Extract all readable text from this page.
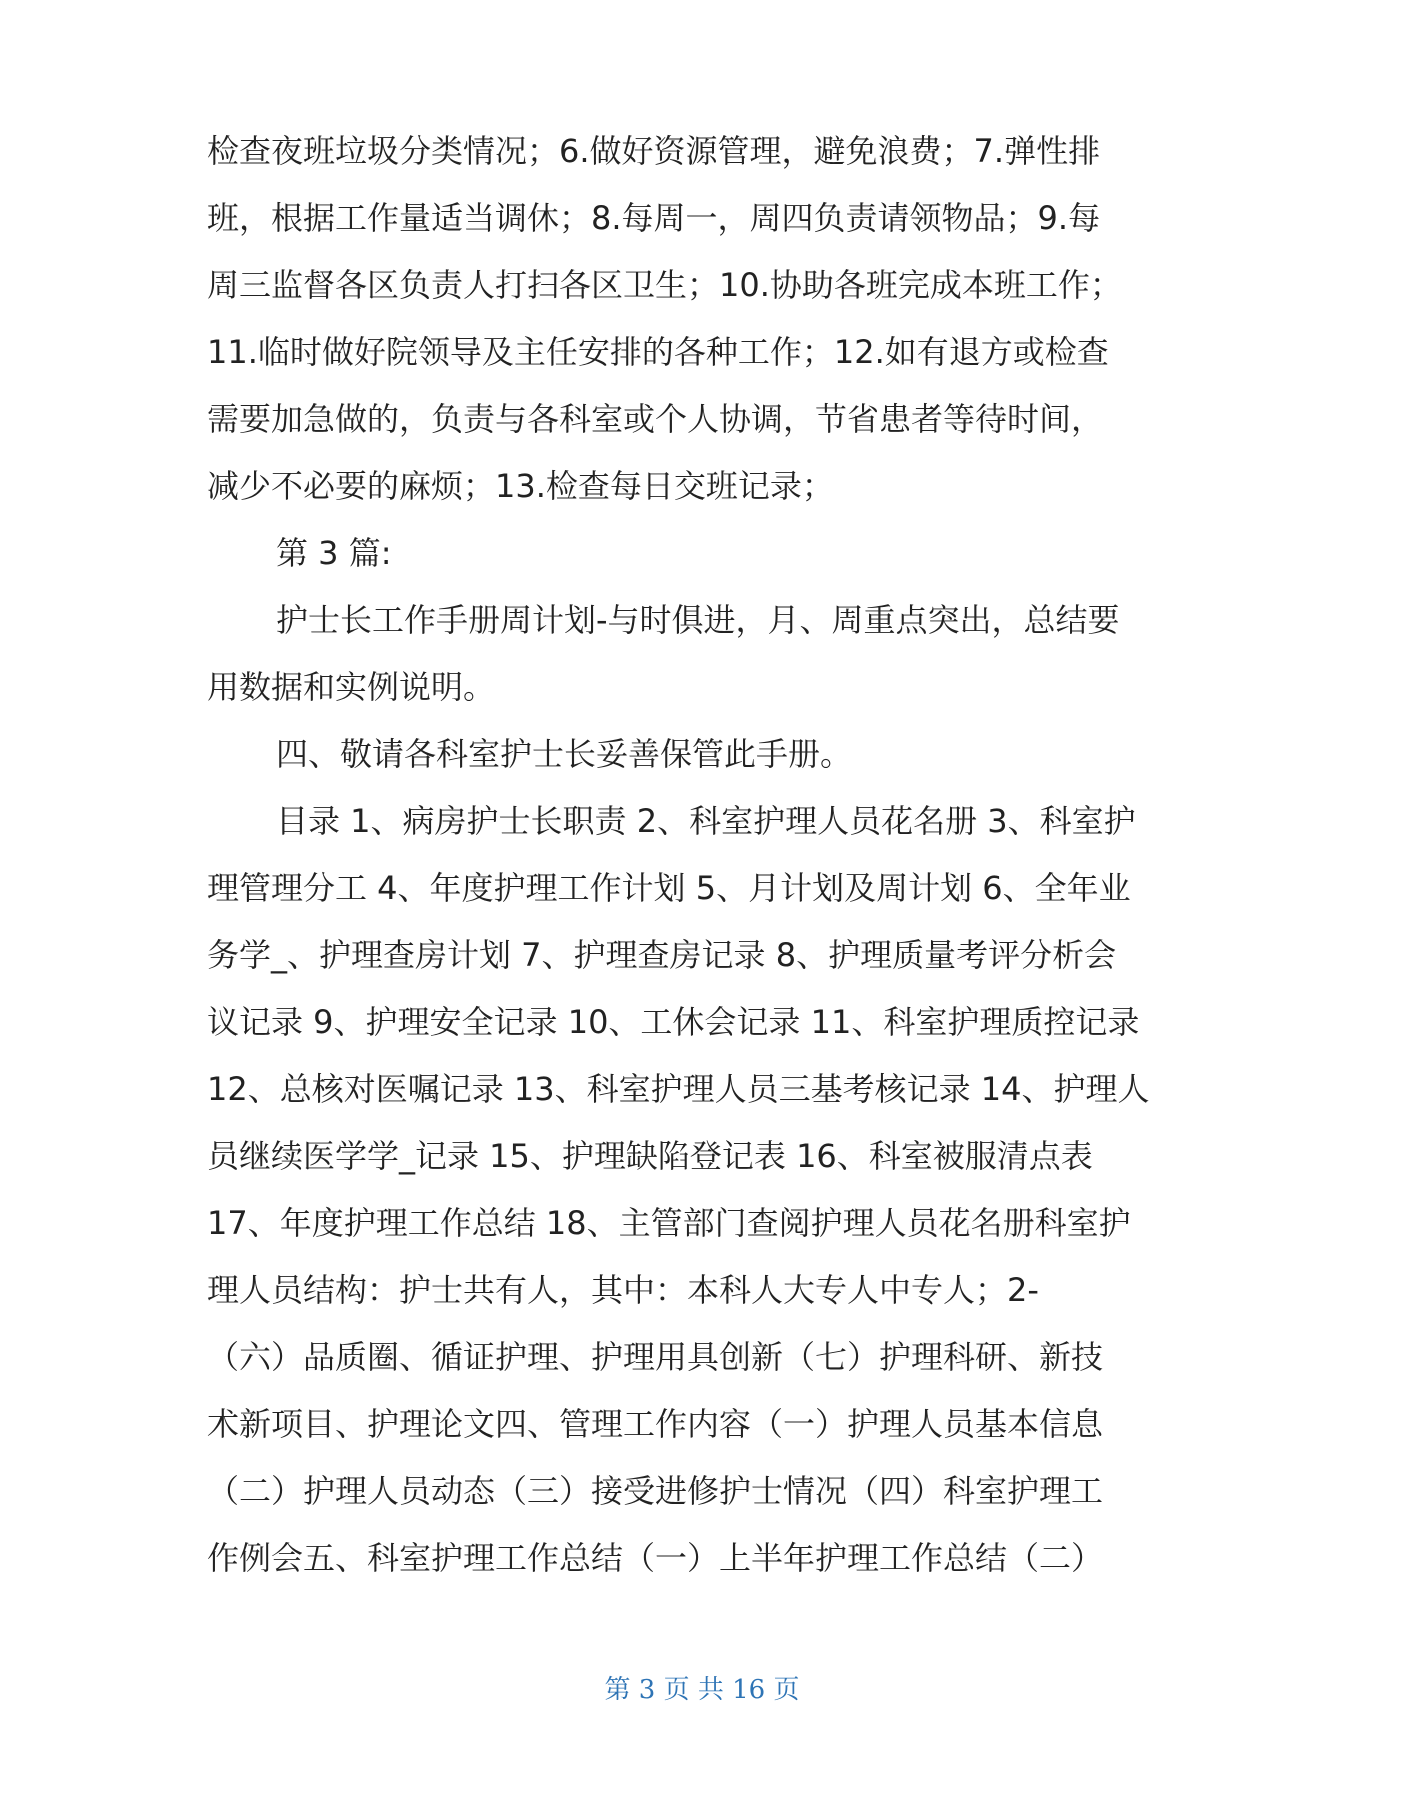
检查夜班垃圾分类情况；6.做好资源管理，避免浪费；7.弹性排
班，根据工作量适当调休；8.每周一，周四负责请领物品；9.每
周三监督各区负责人打扫各区卫生；10.协助各班完成本班工作；
11.临时做好院领导及主任安排的各种工作；12.如有退方或检查
需要加急做的，负责与各科室或个人协调，节省患者等待时间，
减少不必要的麻烦；13.检查每日交班记录；
第 3 篇:
护士长工作手册周计划-与时俱进，月、周重点突出，总结要
用数据和实例说明。
四、敬请各科室护士长妥善保管此手册。
目录 1、病房护士长职责 2、科室护理人员花名册 3、科室护
理管理分工 4、年度护理工作计划 5、月计划及周计划 6、全年业
务学_、护理查房计划 7、护理查房记录 8、护理质量考评分析会
议记录 9、护理安全记录 10、工休会记录 11、科室护理质控记录
12、总核对医嘱记录 13、科室护理人员三基考核记录 14、护理人
员继续医学学_记录 15、护理缺陷登记表 16、科室被服清点表
17、年度护理工作总结 18、主管部门查阅护理人员花名册科室护
理人员结构：护士共有人，其中：本科人大专人中专人；2-
（六）品质圈、循证护理、护理用具创新（七）护理科研、新技
术新项目、护理论文四、管理工作内容（一）护理人员基本信息
（二）护理人员动态（三）接受进修护士情况（四）科室护理工
作例会五、科室护理工作总结（一）上半年护理工作总结（二）
第 3 页 共 16 页
